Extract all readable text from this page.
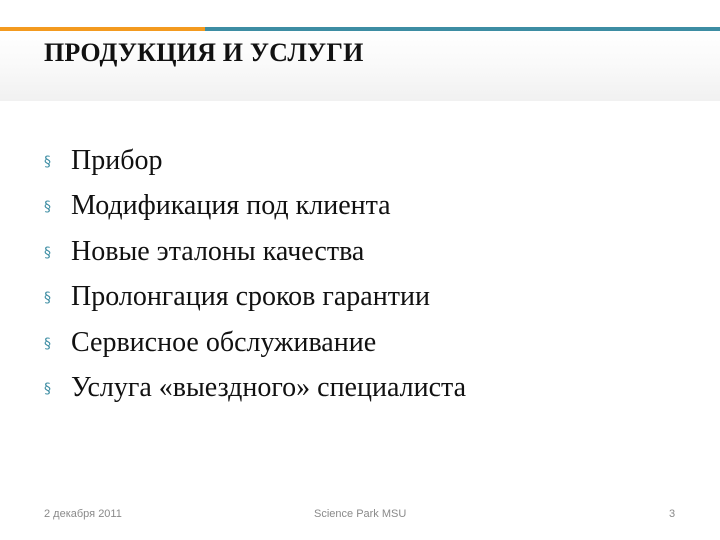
ПРОДУКЦИЯ И УСЛУГИ
§ Прибор
§ Модификация под клиента
§ Новые эталоны качества
§ Пролонгация сроков гарантии
§ Сервисное обслуживание
§ Услуга «выездного» специалиста
2 декабря 2011	Science Park MSU	3
